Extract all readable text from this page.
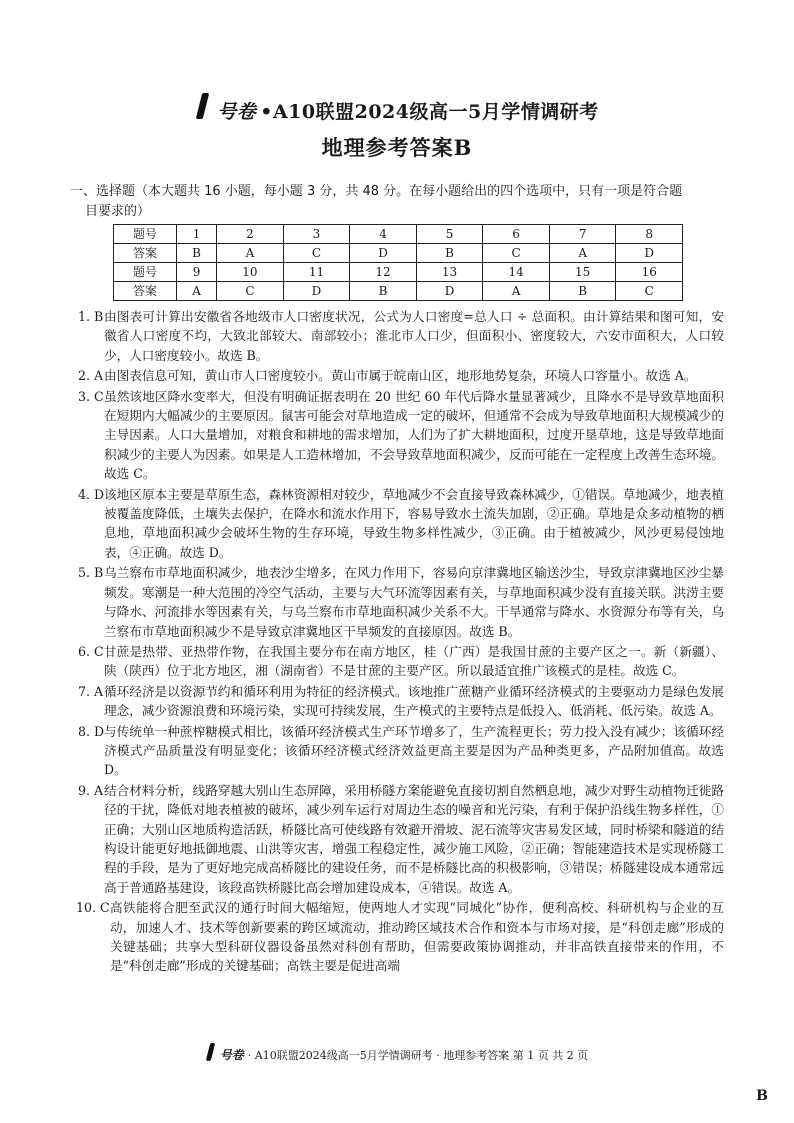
号卷 •A10联盟2024级高一5月学情调研考
地理参考答案B
一、选择题（本大题共 16 小题，每小题 3 分，共 48 分。在每小题给出的四个选项中，只有一项是符合题
目要求的）
题号	1	2	3	4	5	6	7	8
答案	B	A	C	D	B	C	A	D
题号	9	10	11	12	13	14	15	16
答案	A	C	D	B	D	A	B	C
1. B 由图表可计算出安徽省各地级市人口密度状况，公式为人口密度=总人口 ÷ 总面积。由计算结果和图可知，安徽省人口密度不均，大致北部较大、南部较小；淮北市人口少，但面积小、密度较大，六安市面积大，人口较少，人口密度较小。故选 B。
2. A 由图表信息可知，黄山市人口密度较小。黄山市属于皖南山区，地形地势复杂，环境人口容量小。故选 A。
3. C 虽然该地区降水变率大，但没有明确证据表明在 20 世纪 60 年代后降水量显著减少，且降水不是导致草地面积在短期内大幅减少的主要原因。鼠害可能会对草地造成一定的破坏，但通常不会成为导致草地面积大规模减少的主导因素。人口大量增加，对粮食和耕地的需求增加，人们为了扩大耕地面积，过度开垦草地，这是导致草地面积减少的主要人为因素。如果是人工造林增加，不会导致草地面积减少，反而可能在一定程度上改善生态环境。故选 C。
4. D 该地区原本主要是草原生态，森林资源相对较少，草地减少不会直接导致森林减少，①错误。草地减少，地表植被覆盖度降低，土壤失去保护，在降水和流水作用下，容易导致水土流失加剧，②正确。草地是众多动植物的栖息地，草地面积减少会破坏生物的生存环境，导致生物多样性减少，③正确。由于植被减少，风沙更易侵蚀地表，④正确。故选 D。
5. B 乌兰察布市草地面积减少，地表沙尘增多，在风力作用下，容易向京津冀地区输送沙尘，导致京津冀地区沙尘暴频发。寒潮是一种大范围的冷空气活动，主要与大气环流等因素有关，与草地面积减少没有直接关联。洪涝主要与降水、河流排水等因素有关，与乌兰察布市草地面积减少关系不大。干旱通常与降水、水资源分布等有关，乌兰察布市草地面积减少不是导致京津冀地区干旱频发的直接原因。故选 B。
6. C 甘蔗是热带、亚热带作物，在我国主要分布在南方地区，桂（广西）是我国甘蔗的主要产区之一。新（新疆）、陕（陕西）位于北方地区，湘（湖南省）不是甘蔗的主要产区。所以最适宜推广该模式的是桂。故选 C。
7. A 循环经济是以资源节约和循环利用为特征的经济模式。该地推广蔗糖产业循环经济模式的主要驱动力是绿色发展理念，减少资源浪费和环境污染，实现可持续发展，生产模式的主要特点是低投入、低消耗、低污染。故选 A。
8. D 与传统单一种蔗榨糖模式相比，该循环经济模式生产环节增多了，生产流程更长；劳力投入没有减少；该循环经济模式产品质量没有明显变化；该循环经济模式经济效益更高主要是因为产品种类更多，产品附加值高。故选 D。
9. A 结合材料分析，线路穿越大别山生态屏障，采用桥隧方案能避免直接切割自然栖息地，减少对野生动植物迁徙路径的干扰，降低对地表植被的破坏，减少列车运行对周边生态的噪音和光污染，有利于保护沿线生物多样性，①正确；大别山区地质构造活跃，桥隧比高可使线路有效避开滑坡、泥石流等灾害易发区域，同时桥梁和隧道的结构设计能更好地抵御地震、山洪等灾害，增强工程稳定性，减少施工风险，②正确；智能建造技术是实现桥隧工程的手段，是为了更好地完成高桥隧比的建设任务，而不是桥隧比高的积极影响，③错误；桥隧建设成本通常远高于普通路基建设，该段高铁桥隧比高会增加建设成本，④错误。故选 A。
10. C 高铁能将合肥至武汉的通行时间大幅缩短，使两地人才实现“同城化”协作，便利高校、科研机构与企业的互动，加速人才、技术等创新要素的跨区域流动，推动跨区域技术合作和资本与市场对接，是“科创走廊”形成的关键基础；共享大型科研仪器设备虽然对科创有帮助，但需要政策协调推动，并非高铁直接带来的作用，不是“科创走廊”形成的关键基础；高铁主要是促进高端
号卷 · A10联盟2024级高一5月学情调研考 · 地理参考答案 第 1 页 共 2 页
B
